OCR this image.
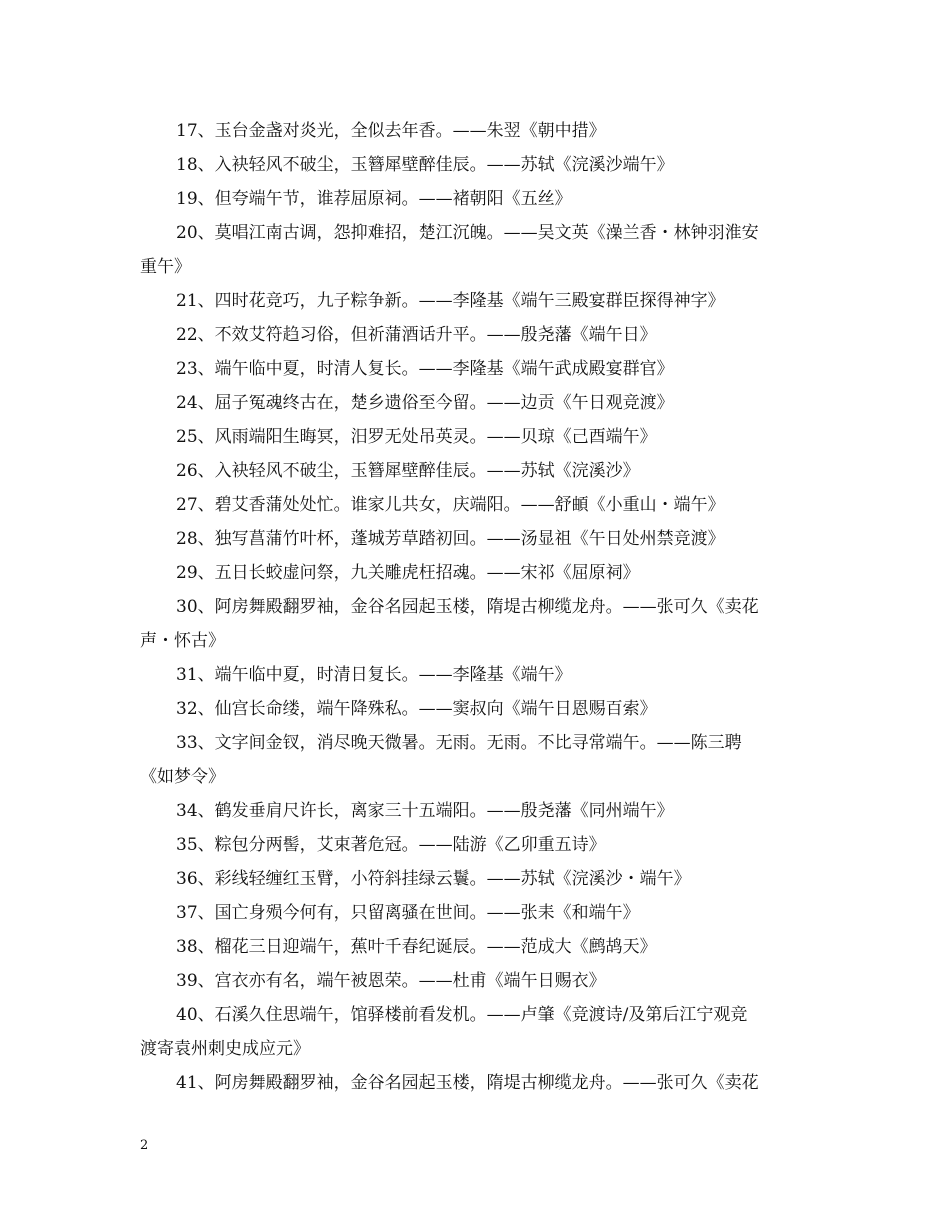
17、玉台金盏对炎光，全似去年香。——朱翌《朝中措》
18、入袂轻风不破尘，玉簪犀壁醉佳辰。——苏轼《浣溪沙端午》
19、但夸端午节，谁荐屈原祠。——褚朝阳《五丝》
20、莫唱江南古调，怨抑难招，楚江沉魄。——吴文英《澡兰香・林钟羽淮安
重午》
21、四时花竞巧，九子粽争新。——李隆基《端午三殿宴群臣探得神字》
22、不效艾符趋习俗，但祈蒲酒话升平。——殷尧藩《端午日》
23、端午临中夏，时清人复长。——李隆基《端午武成殿宴群官》
24、屈子冤魂终古在，楚乡遗俗至今留。——边贡《午日观竞渡》
25、风雨端阳生晦冥，汨罗无处吊英灵。——贝琼《己酉端午》
26、入袂轻风不破尘，玉簪犀壁醉佳辰。——苏轼《浣溪沙》
27、碧艾香蒲处处忙。谁家儿共女，庆端阳。——舒頔《小重山・端午》
28、独写菖蒲竹叶杯，蓬城芳草踏初回。——汤显祖《午日处州禁竞渡》
29、五日长蛟虚问祭，九关雕虎枉招魂。——宋祁《屈原祠》
30、阿房舞殿翻罗袖，金谷名园起玉楼，隋堤古柳缆龙舟。——张可久《卖花
声・怀古》
31、端午临中夏，时清日复长。——李隆基《端午》
32、仙宫长命缕，端午降殊私。——窦叔向《端午日恩赐百索》
33、文字间金钗，消尽晚天微暑。无雨。无雨。不比寻常端午。——陈三聘
《如梦令》
34、鹤发垂肩尺许长，离家三十五端阳。——殷尧藩《同州端午》
35、粽包分两髻，艾束著危冠。——陆游《乙卯重五诗》
36、彩线轻缠红玉臂，小符斜挂绿云鬟。——苏轼《浣溪沙・端午》
37、国亡身殒今何有，只留离骚在世间。——张耒《和端午》
38、榴花三日迎端午，蕉叶千春纪诞辰。——范成大《鹧鸪天》
39、宫衣亦有名，端午被恩荣。——杜甫《端午日赐衣》
40、石溪久住思端午，馆驿楼前看发机。——卢肇《竞渡诗/及第后江宁观竞
渡寄袁州刺史成应元》
41、阿房舞殿翻罗袖，金谷名园起玉楼，隋堤古柳缆龙舟。——张可久《卖花
2
